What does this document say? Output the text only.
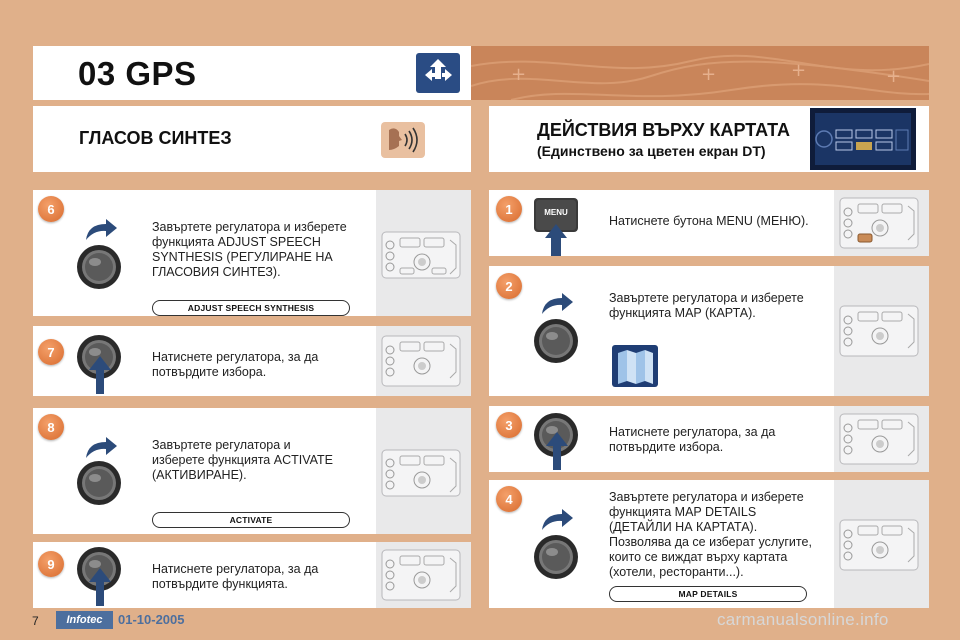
03 GPS	+	+	+	+
ГЛАСОВ СИНТЕЗ	ДЕЙСТВИЯ ВЪРХУ КАРТАТА
(Единствено за цветен екран DT)
6
Завъртете регулатора и изберете
функцията ADJUST SPEECH
SYNTHESIS (РЕГУЛИРАНЕ НА
ГЛАСОВИЯ СИНТЕЗ).
ADJUST SPEECH SYNTHESIS
7	Натиснете регулатора, за да
потвърдите избора.
8
Завъртете регулатора и
изберете функцията ACTIVATE
(АКТИВИРАНЕ).
ACTIVATE
9	Натиснете регулатора, за да
потвърдите функцията.
1	MENU
Натиснете бутона MENU (МЕНЮ).
2
Завъртете регулатора и изберете
функцията MAP (КАРТА).
3	Натиснете регулатора, за да
потвърдите избора.
4	Завъртете регулатора и изберете
функцията MAP DETAILS
(ДЕТАЙЛИ НА КАРТАТА).
Позволява да се изберат услугите,
които се виждат върху картата
(хотели, ресторанти...).
MAP DETAILS
7	Infotec	01-10-2005	carmanualsonline.info
